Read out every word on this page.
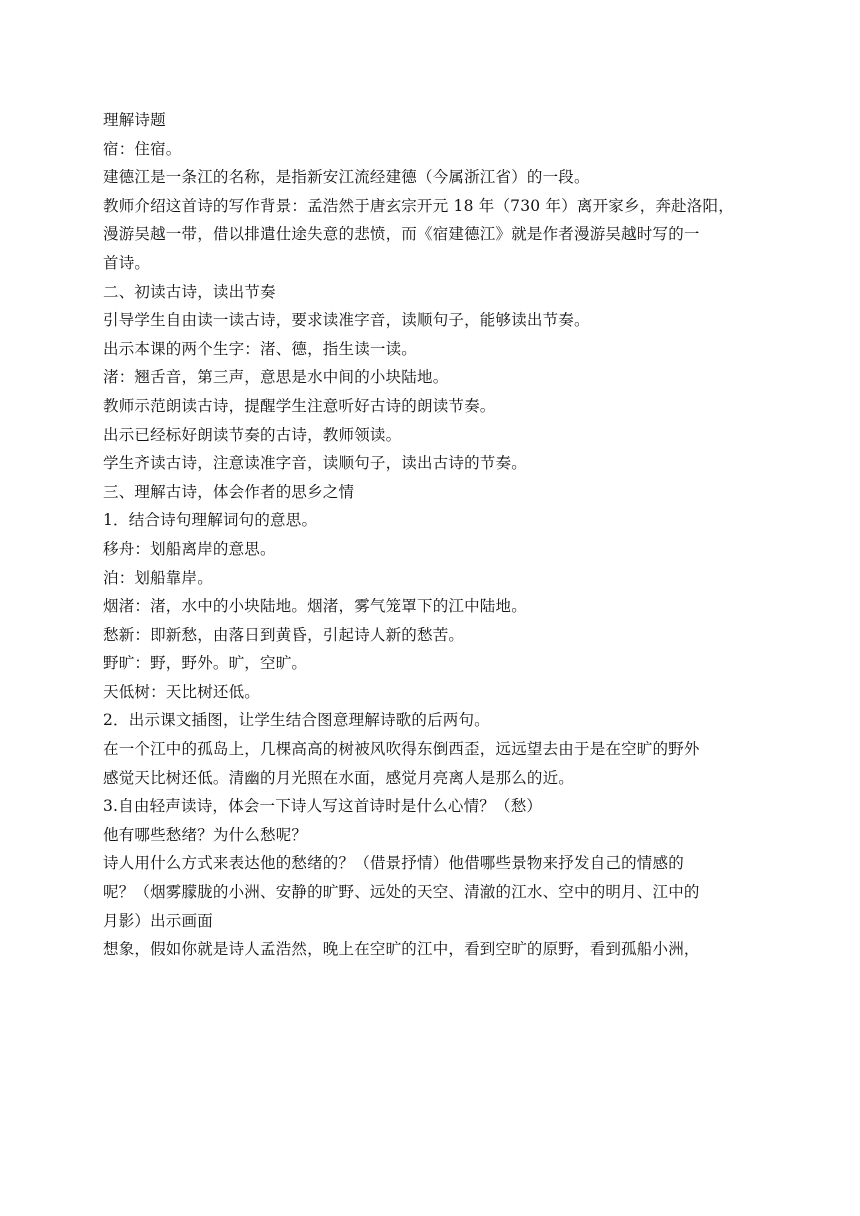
理解诗题

宿：住宿。

建德江是一条江的名称，是指新安江流经建德（今属浙江省）的一段。

教师介绍这首诗的写作背景：孟浩然于唐玄宗开元 18 年（730 年）离开家乡，奔赴洛阳，

漫游吴越一带，借以排遣仕途失意的悲愤，而《宿建德江》就是作者漫游吴越时写的一

首诗。

二、初读古诗，读出节奏

引导学生自由读一读古诗，要求读准字音，读顺句子，能够读出节奏。

出示本课的两个生字：渚、德，指生读一读。

渚：翘舌音，第三声，意思是水中间的小块陆地。

教师示范朗读古诗，提醒学生注意听好古诗的朗读节奏。

出示已经标好朗读节奏的古诗，教师领读。

学生齐读古诗，注意读准字音，读顺句子，读出古诗的节奏。

三、理解古诗，体会作者的思乡之情

1．结合诗句理解词句的意思。

移舟：划船离岸的意思。

泊：划船靠岸。

烟渚：渚，水中的小块陆地。烟渚，雾气笼罩下的江中陆地。

愁新：即新愁，由落日到黄昏，引起诗人新的愁苦。

野旷：野，野外。旷，空旷。

天低树：天比树还低。

2．出示课文插图，让学生结合图意理解诗歌的后两句。

在一个江中的孤岛上，几棵高高的树被风吹得东倒西歪，远远望去由于是在空旷的野外

感觉天比树还低。清幽的月光照在水面，感觉月亮离人是那么的近。

3.自由轻声读诗，体会一下诗人写这首诗时是什么心情？（愁）

他有哪些愁绪？为什么愁呢？

诗人用什么方式来表达他的愁绪的？（借景抒情）他借哪些景物来抒发自己的情感的

呢？（烟雾朦胧的小洲、安静的旷野、远处的天空、清澈的江水、空中的明月、江中的

月影）出示画面

想象，假如你就是诗人孟浩然，晚上在空旷的江中，看到空旷的原野，看到孤船小洲，
